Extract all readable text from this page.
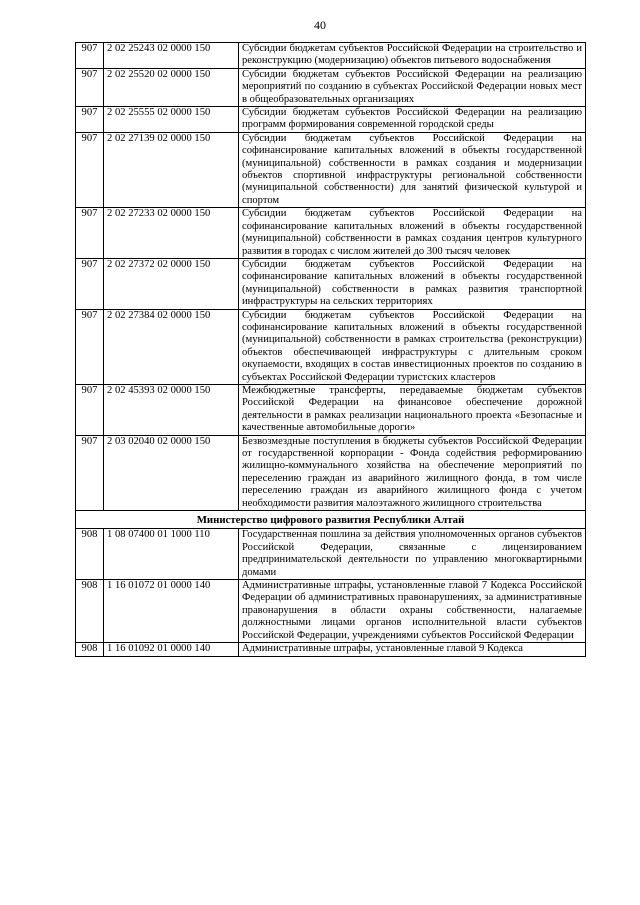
40
907	2 02 25243 02 0000 150	Субсидии бюджетам субъектов Российской Федерации на строительство и реконструкцию (модернизацию) объектов питьевого водоснабжения
907	2 02 25520 02 0000 150	Субсидии бюджетам субъектов Российской Федерации на реализацию мероприятий по созданию в субъектах Российской Федерации новых мест в общеобразовательных организациях
907	2 02 25555 02 0000 150	Субсидии бюджетам субъектов Российской Федерации на реализацию программ формирования современной городской среды
907	2 02 27139 02 0000 150	Субсидии бюджетам субъектов Российской Федерации на софинансирование капитальных вложений в объекты государственной (муниципальной) собственности в рамках создания и модернизации объектов спортивной инфраструктуры региональной собственности (муниципальной собственности) для занятий физической культурой и спортом
907	2 02 27233 02 0000 150	Субсидии бюджетам субъектов Российской Федерации на софинансирование капитальных вложений в объекты государственной (муниципальной) собственности в рамках создания центров культурного развития в городах с числом жителей до 300 тысяч человек
907	2 02 27372 02 0000 150	Субсидии бюджетам субъектов Российской Федерации на софинансирование капитальных вложений в объекты государственной (муниципальной) собственности в рамках развития транспортной инфраструктуры на сельских территориях
907	2 02 27384 02 0000 150	Субсидии бюджетам субъектов Российской Федерации на софинансирование капитальных вложений в объекты государственной (муниципальной) собственности в рамках строительства (реконструкции) объектов обеспечивающей инфраструктуры с длительным сроком окупаемости, входящих в состав инвестиционных проектов по созданию в субъектах Российской Федерации туристских кластеров
907	2 02 45393 02 0000 150	Межбюджетные трансферты, передаваемые бюджетам субъектов Российской Федерации на финансовое обеспечение дорожной деятельности в рамках реализации национального проекта «Безопасные и качественные автомобильные дороги»
907	2 03 02040 02 0000 150	Безвозмездные поступления в бюджеты субъектов Российской Федерации от государственной корпорации - Фонда содействия реформированию жилищно-коммунального хозяйства на обеспечение мероприятий по переселению граждан из аварийного жилищного фонда, в том числе переселению граждан из аварийного жилищного фонда с учетом необходимости развития малоэтажного жилищного строительства
Министерство цифрового развития Республики Алтай		
908	1 08 07400 01 1000 110	Государственная пошлина за действия уполномоченных органов субъектов Российской Федерации, связанные с лицензированием предпринимательской деятельности по управлению многоквартирными домами
908	1 16 01072 01 0000 140	Административные штрафы, установленные главой 7 Кодекса Российской Федерации об административных правонарушениях, за административные правонарушения в области охраны собственности, налагаемые должностными лицами органов исполнительной власти субъектов Российской Федерации, учреждениями субъектов Российской Федерации
908	1 16 01092 01 0000 140	Административные штрафы, установленные главой 9 Кодекса
